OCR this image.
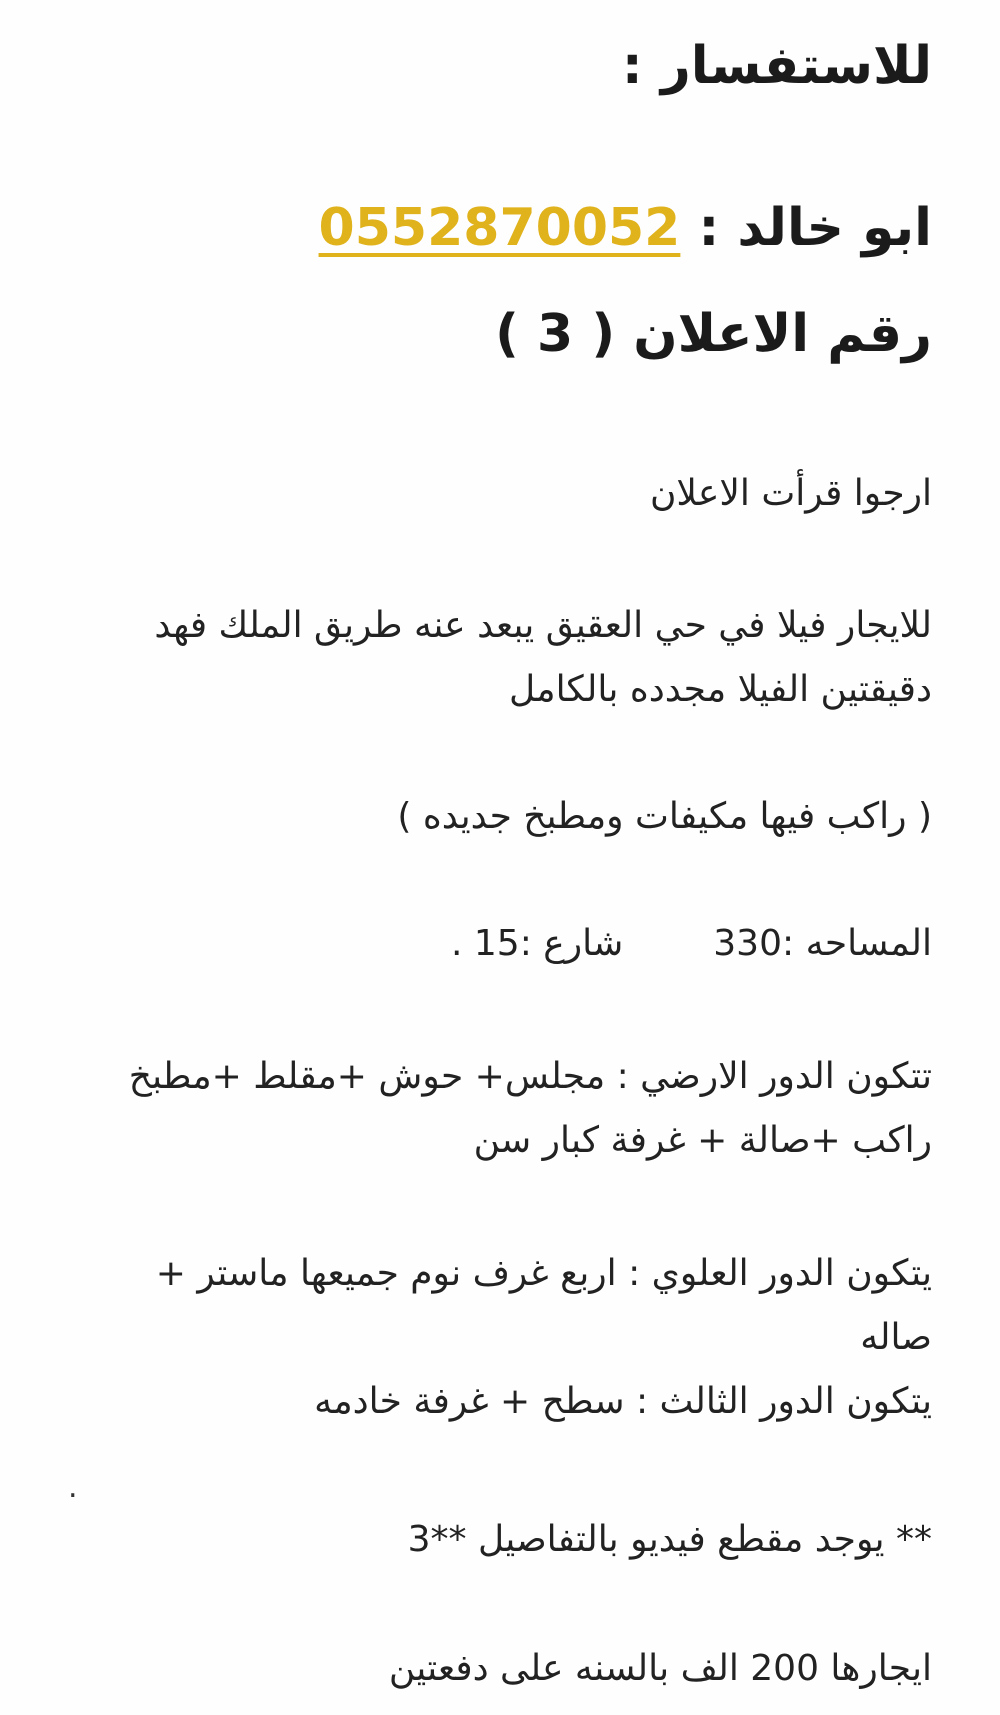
للاستفسار :
ابو خالد : 0552870052
رقم الاعلان ( 3 )
ارجوا قرأت الاعلان
للايجار فيلا في حي العقيق يبعد عنه طريق الملك فهد دقيقتين الفيلا مجدده بالكامل
( راكب فيها مكيفات ومطبخ جديده )
المساحه :330شارع :15 .
تتكون الدور الارضي : مجلس+ حوش +مقلط +مطبخ راكب +صالة + غرفة كبار سن
يتكون الدور العلوي : اربع غرف نوم جميعها ماستر + صاله
يتكون الدور الثالث : سطح + غرفة خادمه
.
** يوجد مقطع فيديو بالتفاصيل **3
ايجارها 200 الف بالسنه على دفعتين
